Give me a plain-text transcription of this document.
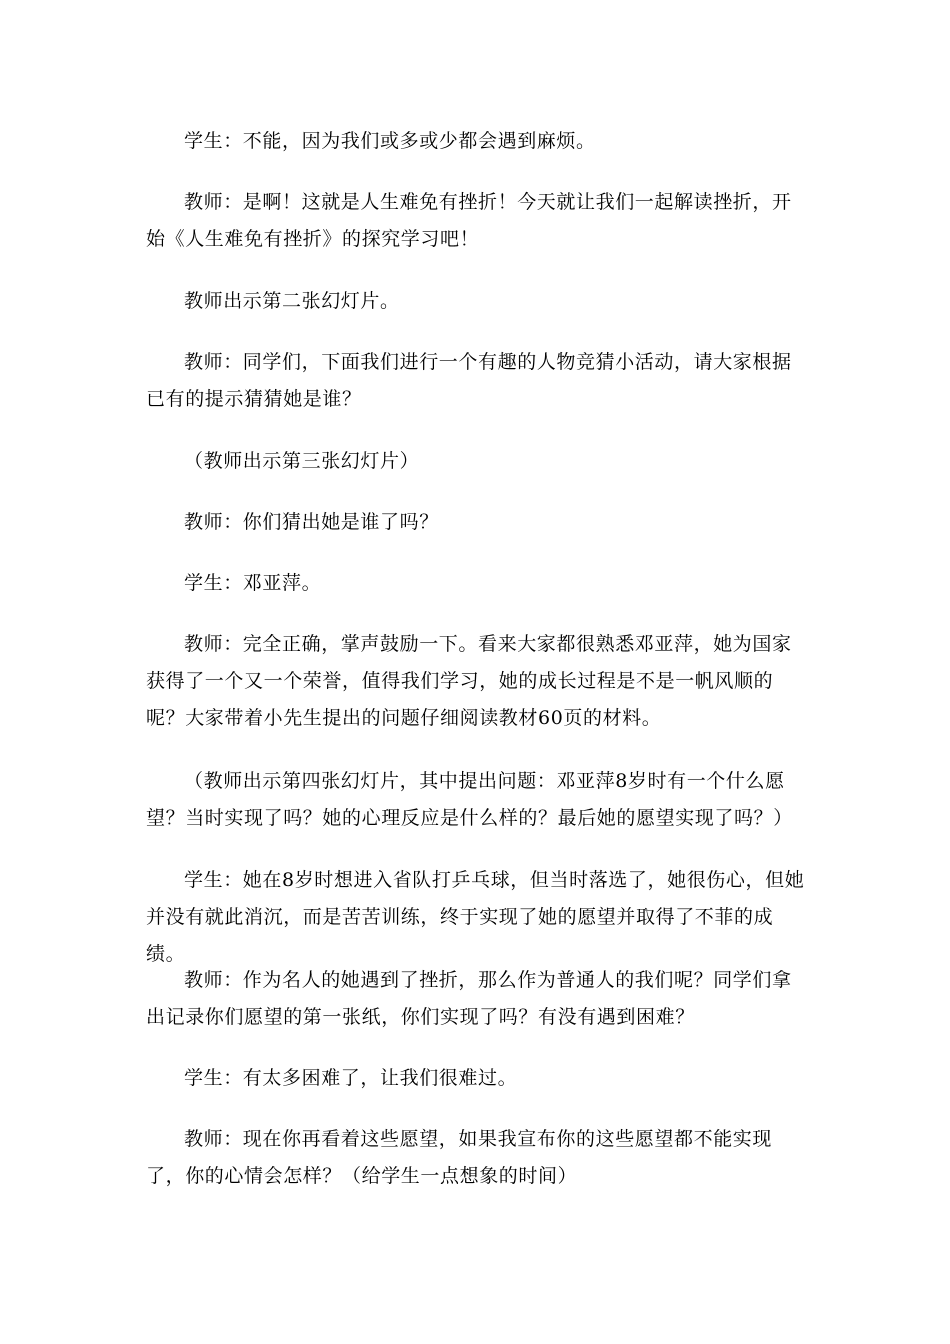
学生：不能，因为我们或多或少都会遇到麻烦。

教师：是啊！这就是人生难免有挫折！今天就让我们一起解读挫折，开始《人生难免有挫折》的探究学习吧！

教师出示第二张幻灯片。

教师：同学们，下面我们进行一个有趣的人物竞猜小活动，请大家根据已有的提示猜猜她是谁？

（教师出示第三张幻灯片）

教师：你们猜出她是谁了吗？

学生：邓亚萍。

教师：完全正确，掌声鼓励一下。看来大家都很熟悉邓亚萍，她为国家获得了一个又一个荣誉，值得我们学习，她的成长过程是不是一帆风顺的呢？大家带着小先生提出的问题仔细阅读教材60页的材料。

（教师出示第四张幻灯片，其中提出问题：邓亚萍8岁时有一个什么愿望？当时实现了吗？她的心理反应是什么样的？最后她的愿望实现了吗？）

学生：她在8岁时想进入省队打乒乓球，但当时落选了，她很伤心，但她并没有就此消沉，而是苦苦训练，终于实现了她的愿望并取得了不菲的成绩。

教师：作为名人的她遇到了挫折，那么作为普通人的我们呢？同学们拿出记录你们愿望的第一张纸，你们实现了吗？有没有遇到困难？

学生：有太多困难了，让我们很难过。

教师：现在你再看着这些愿望，如果我宣布你的这些愿望都不能实现了，你的心情会怎样？（给学生一点想象的时间）
